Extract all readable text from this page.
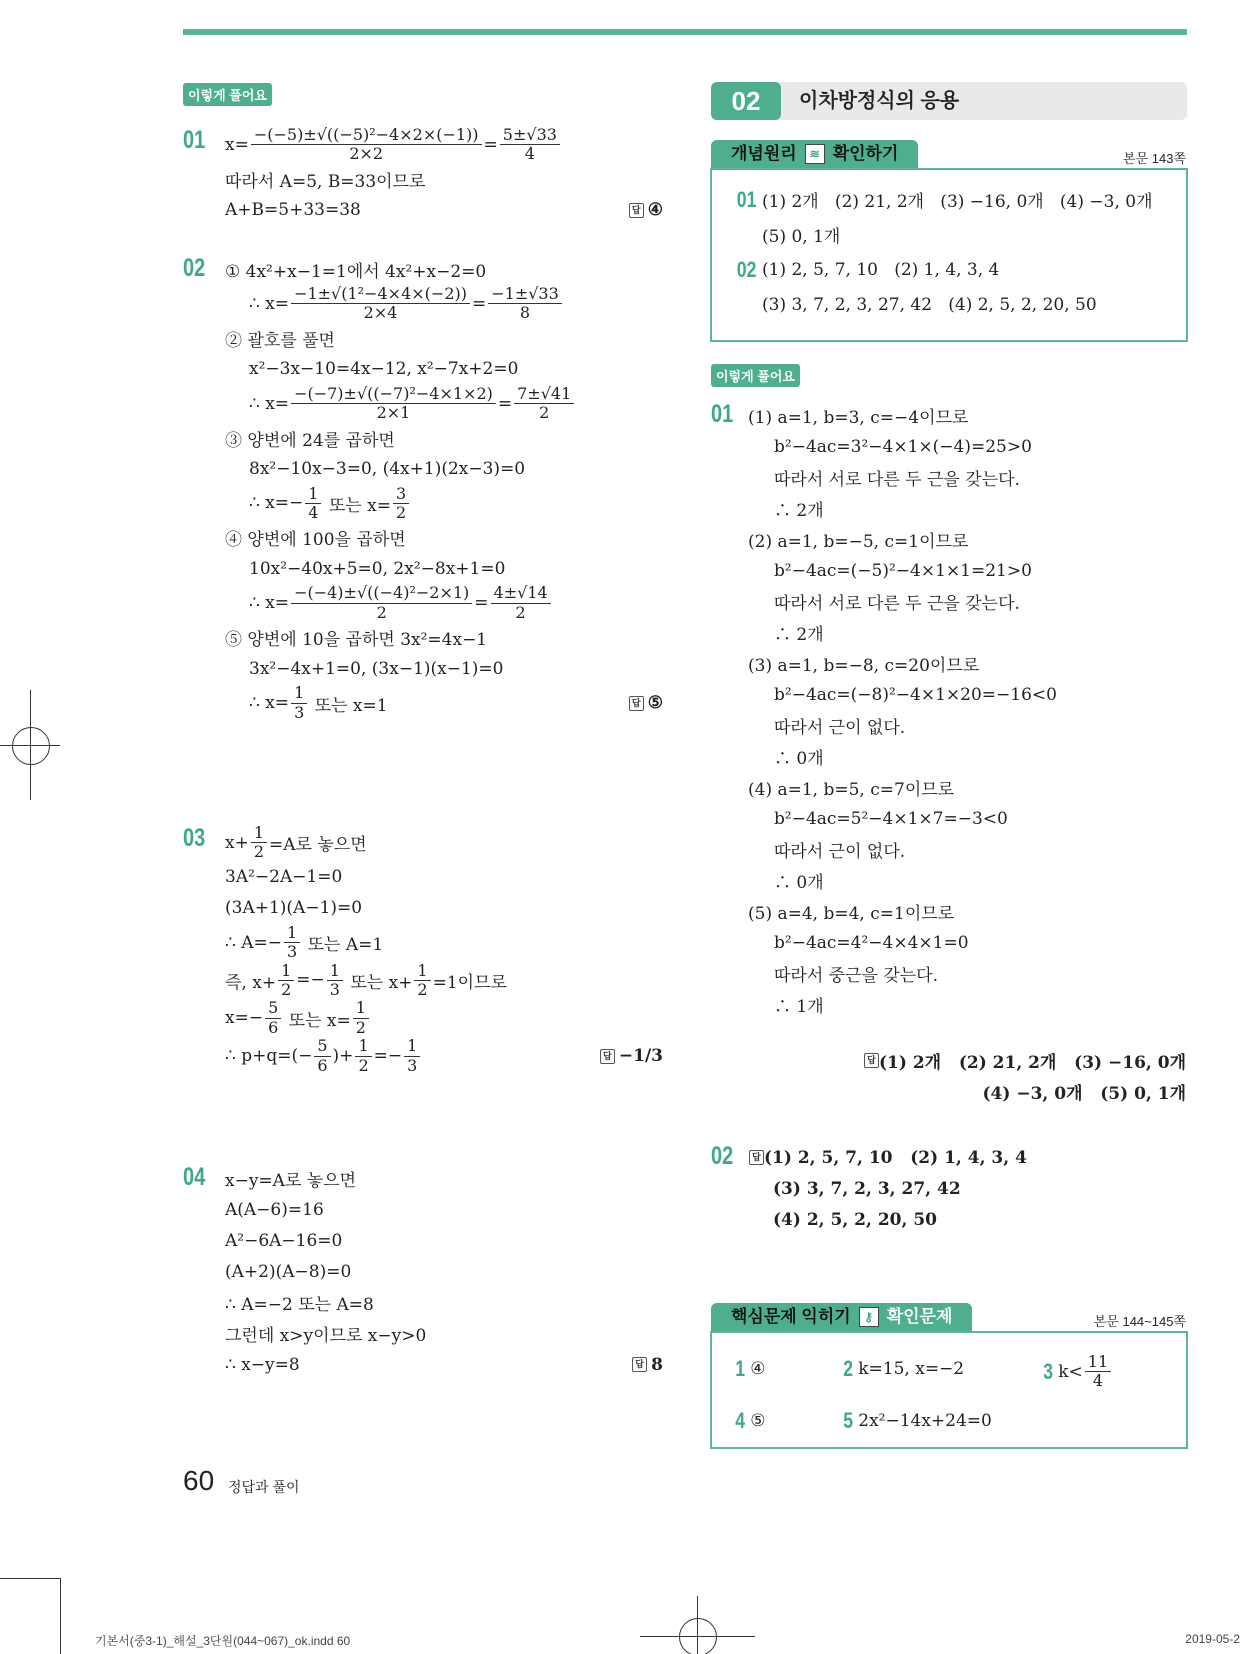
이렇게 풀어요
01 $x= \frac{\text{−(−5)±√((−5)²−4×2×(−1))}}{2\times 2} = \frac{5\pm√33}{4}$
따라서 A=5, B=33이므로
A+B=5+33=38	답 ④
02 ① 4x²+x−1=1에서 4x²+x−2=0
∴ $x= \frac{\text{−1±√(1²−4×4×(−2))}}{2\times 4} = \frac{-1\pm√33}{8}$
② 괄호를 풀면
x²−3x−10=4x−12, x²−7x+2=0
∴ $x= \frac{\text{−(−7)±√((−7)²−4×1×2)}}{2\times 1} = \frac{7\pm√41}{2}$
③ 양변에 24를 곱하면
8x²−10x−3=0, (4x+1)(2x−3)=0
∴ $x=- \frac{1}{4}$ 또는 $x= \frac{3}{2}$
④ 양변에 100을 곱하면
10x²−40x+5=0, 2x²−8x+1=0
∴ $x= \frac{\text{−(−4)±√((−4)²−2×1)}}{2} = \frac{4\pm√14}{2}$
⑤ 양변에 10을 곱하면 3x²=4x−1
3x²−4x+1=0, (3x−1)(x−1)=0
∴ $x= \frac{1}{3}$ 또는 x=1	답 ⑤
03 $x+ \frac{1}{2} =A$로 놓으면
3A²−2A−1=0
(3A+1)(A−1)=0
∴ $A=- \frac{1}{3}$ 또는 A=1
즉, $x+ \frac{1}{2} =- \frac{1}{3}$ 또는 $x+ \frac{1}{2} =1$이므로
$x=- \frac{5}{6}$ 또는 $x= \frac{1}{2}$
∴ $p+q=(- \frac{5}{6}$ )+ $\frac{1}{2} =- \frac{1}{3}$	답 −1/3
04 x−y=A로 놓으면
A(A−6)=16
A²−6A−16=0
(A+2)(A−8)=0
∴ A=−2 또는 A=8
그런데 x>y이므로 x−y>0
∴ x−y=8	답 8
02	이차방정식의 응용
개념원리	≋ 확인하기	본문 143쪽
01 (1) 2개   (2) 21, 2개   (3) −16, 0개   (4) −3, 0개
(5) 0, 1개
02 (1) 2, 5, 7, 10   (2) 1, 4, 3, 4
(3) 3, 7, 2, 3, 27, 42   (4) 2, 5, 2, 20, 50
이렇게 풀어요
01 (1) a=1, b=3, c=−4이므로
b²−4ac=3²−4×1×(−4)=25>0
따라서 서로 다른 두 근을 갖는다.
∴ 2개
(2) a=1, b=−5, c=1이므로
b²−4ac=(−5)²−4×1×1=21>0
따라서 서로 다른 두 근을 갖는다.
∴ 2개
(3) a=1, b=−8, c=20이므로
b²−4ac=(−8)²−4×1×20=−16<0
따라서 근이 없다.
∴ 0개
(4) a=1, b=5, c=7이므로
b²−4ac=5²−4×1×7=−3<0
따라서 근이 없다.
∴ 0개
(5) a=4, b=4, c=1이므로
b²−4ac=4²−4×4×1=0
따라서 중근을 갖는다.
∴ 1개
답 (1) 2개   (2) 21, 2개   (3) −16, 0개
(4) −3, 0개   (5) 0, 1개
02	답 (1) 2, 5, 7, 10   (2) 1, 4, 3, 4
(3) 3, 7, 2, 3, 27, 42
(4) 2, 5, 2, 20, 50
핵심문제 익히기	⚷ 확인문제	본문 144~145쪽
1 ④	2 k=15, x=−2	3 $k< \frac{11}{4}$
4 ⑤	5 2x²−14x+24=0
60 정답과 풀이
기본서(중3-1)_해설_3단원(044~067)_ok.indd 60	2019-05-2
